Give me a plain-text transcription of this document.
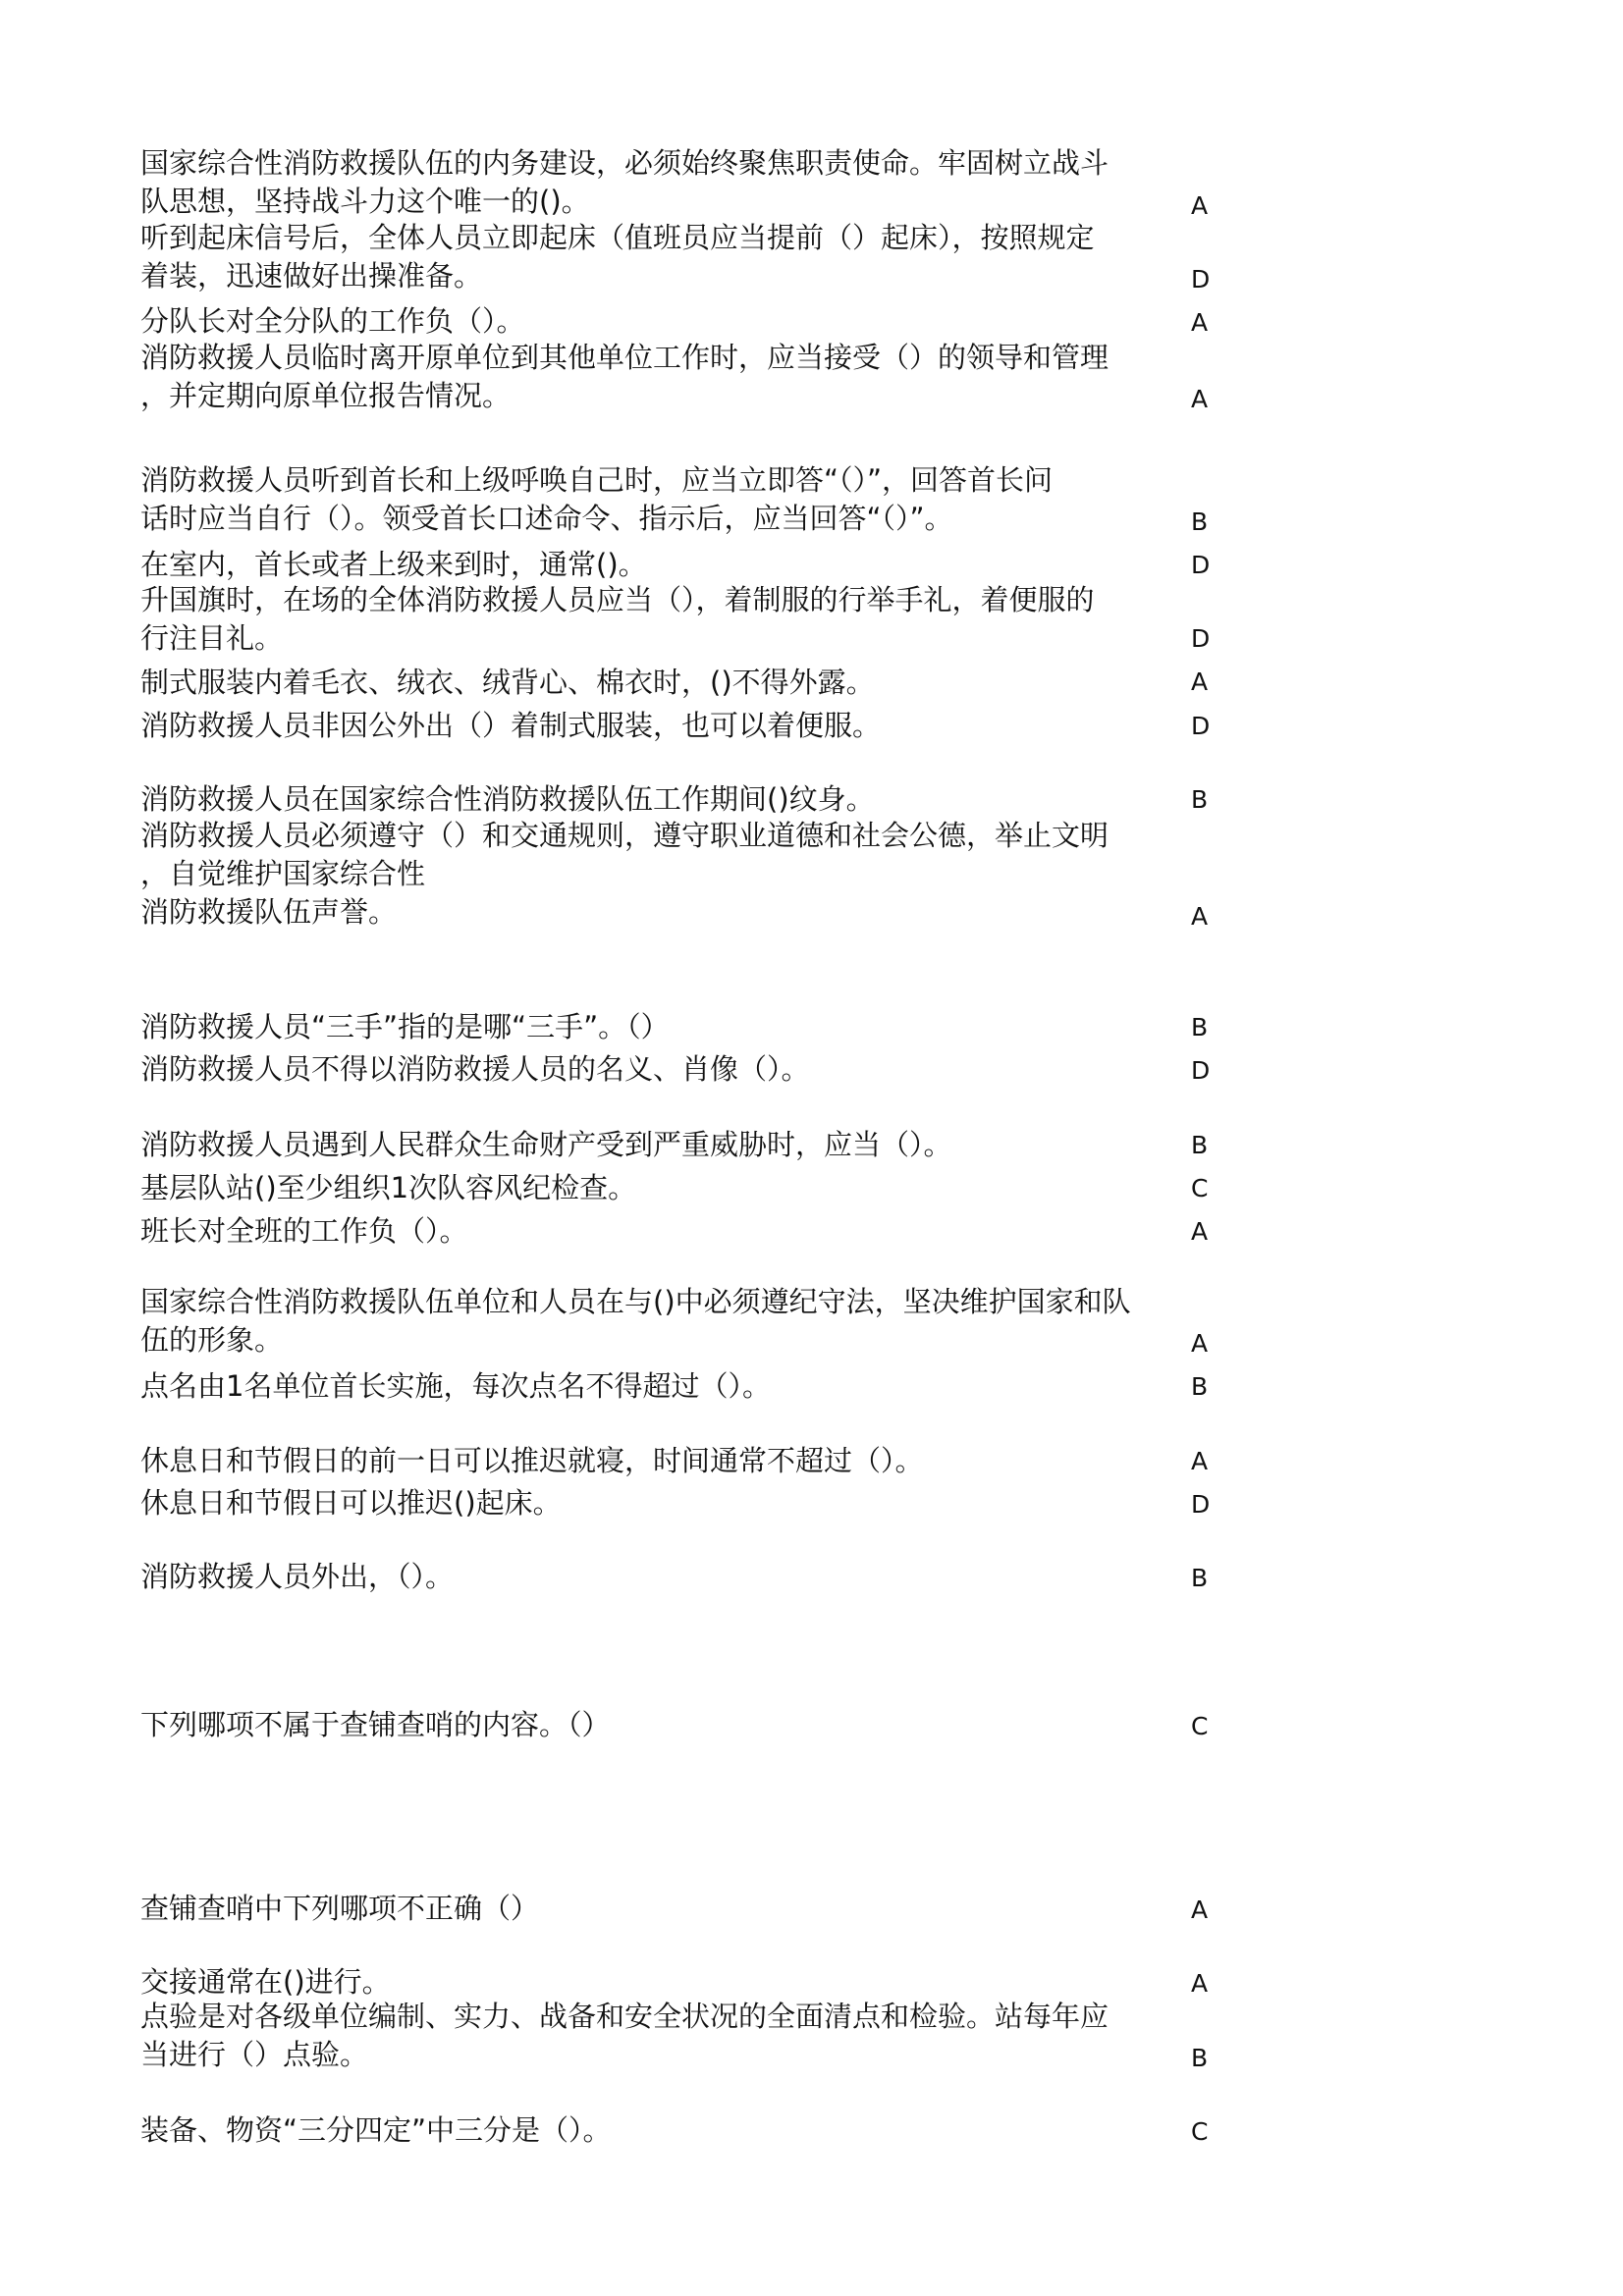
国家综合性消防救援队伍的内务建设，必须始终聚焦职责使命。牢固树立战斗
队思想，坚持战斗力这个唯一的()。	A
听到起床信号后，全体人员立即起床（值班员应当提前（）起床），按照规定
着装，迅速做好出操准备。	D
分队长对全分队的工作负（）。	A
消防救援人员临时离开原单位到其他单位工作时，应当接受（）的领导和管理
，并定期向原单位报告情况。	A
消防救援人员听到首长和上级呼唤自己时，应当立即答“（）”，回答首长问
话时应当自行（）。领受首长口述命令、指示后，应当回答“（）”。	B
在室内，首长或者上级来到时，通常()。	D
升国旗时，在场的全体消防救援人员应当（），着制服的行举手礼，着便服的
行注目礼。	D
制式服装内着毛衣、绒衣、绒背心、棉衣时，()不得外露。	A
消防救援人员非因公外出（）着制式服装，也可以着便服。	D
消防救援人员在国家综合性消防救援队伍工作期间()纹身。	B
消防救援人员必须遵守（）和交通规则，遵守职业道德和社会公德，举止文明
，自觉维护国家综合性
消防救援队伍声誉。	A
消防救援人员“三手”指的是哪“三手”。（）	B
消防救援人员不得以消防救援人员的名义、肖像（）。	D
消防救援人员遇到人民群众生命财产受到严重威胁时，应当（）。	B
基层队站()至少组织1次队容风纪检查。	C
班长对全班的工作负（）。	A
国家综合性消防救援队伍单位和人员在与()中必须遵纪守法，坚决维护国家和队
伍的形象。	A
点名由1名单位首长实施，每次点名不得超过（）。	B
休息日和节假日的前一日可以推迟就寝，时间通常不超过（）。	A
休息日和节假日可以推迟()起床。	D
消防救援人员外出，（）。	B
下列哪项不属于查铺查哨的内容。（）	C
查铺查哨中下列哪项不正确（）	A
交接通常在()进行。	A
点验是对各级单位编制、实力、战备和安全状况的全面清点和检验。站每年应
当进行（）点验。	B
装备、物资“三分四定”中三分是（）。	C
